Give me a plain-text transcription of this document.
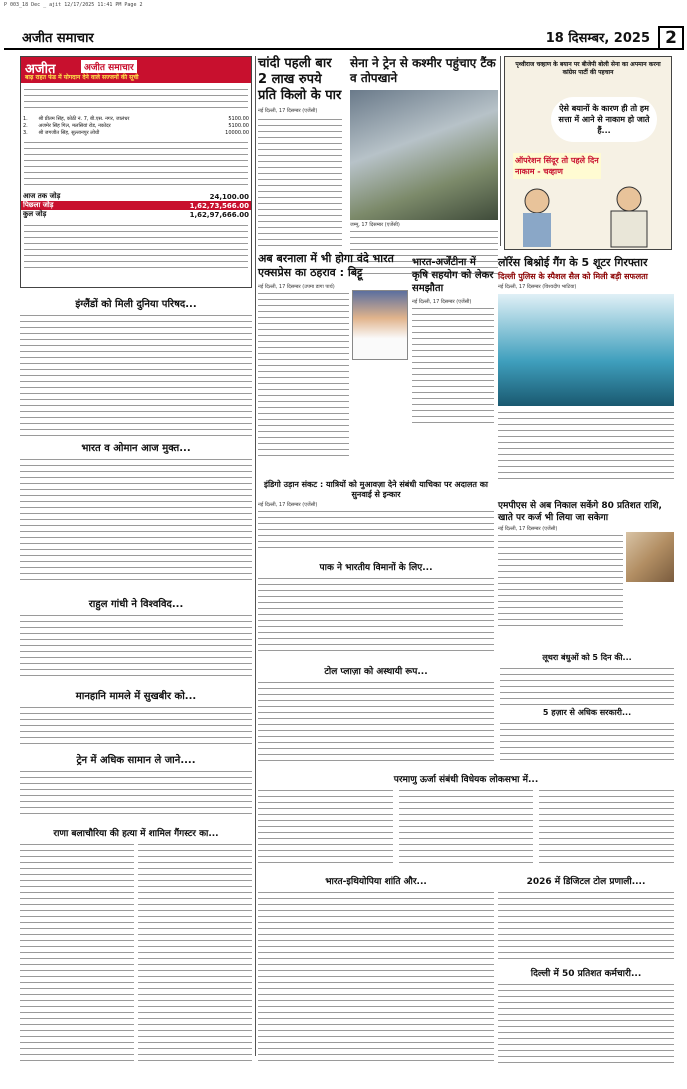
P 003_18 Dec _ ajit 12/17/2025 11:41 PM Page 2
अजीत समाचार	18 दिसम्बर, 2025 2
अजीत	अजीत समाचार
बाढ़ राहत फंड में योगदान देने वाले सज्जनों की सूची
1.	श्री प्रीतम सिंह, कोठी नं. 7, बी.एस. नगर, जालंधर	5100.00
2.	अजमेर सिंह गिल, मलसियां रोड, नकोदर	5100.00
3.	श्री जगजीत सिंह, सुल्तानपुर लोधी	10000.00
आज तक जोड़	24,100.00
पिछला जोड़	1,62,73,566.00
कुल जोड़	1,62,97,666.00
चांदी पहली बार 2 लाख रुपये प्रति किलो के पार
नई दिल्ली, 17 दिसम्बर (एजेंसी)
सेना ने ट्रेन से कश्मीर पहुंचाए टैंक व तोपखाने
जम्मू, 17 दिसम्बर (एजेंसी)
पृथ्वीराज चव्हाण के बयान पर बीजेपी बोली सेना का अपमान करना कांग्रेस पार्टी की पहचान
ऐसे बयानों के कारण ही तो हम सत्ता में आने से नाकाम हो जाते हैं...
ऑपरेशन सिंदूर तो पहले दिन नाकाम - चव्हाण
इंग्लैंडों को मिली दुनिया परिषद...
भारत व ओमान आज मुक्त...
राहुल गांधी ने विश्वविद...
मानहानि मामले में सुखबीर को...
ट्रेन में अधिक सामान ले जाने....
अब बरनाला में भी होगा वंदे भारत एक्सप्रेस का ठहराव : बिट्टू
नई दिल्ली, 17 दिसम्बर (उपमा डागा पार्थ)
भारत-अर्जेंटीना में कृषि सहयोग को लेकर समझौता
नई दिल्ली, 17 दिसम्बर (एजेंसी)
लॉरेंस बिश्नोई गैंग के 5 शूटर गिरफ्तार
दिल्ली पुलिस के स्पैशल सैल को मिली बड़ी सफलता
नई दिल्ली, 17 दिसम्बर (विश्वदीप भाटिया)
इंडिगो उड़ान संकट : यात्रियों को मुआवज़ा देने संबंधी याचिका पर अदालत का सुनवाई से इन्कार
नई दिल्ली, 17 दिसम्बर (एजेंसी)
पाक ने भारतीय विमानों के लिए...
टोल प्लाज़ा को अस्थायी रूप...
एमपीएस से अब निकाल सकेंगे 80 प्रतिशत राशि, खाते पर कर्ज भी लिया जा सकेगा
नई दिल्ली, 17 दिसम्बर (एजेंसी)
परमाणु ऊर्जा संबंधी विधेयक लोकसभा में...
राणा बलाचौरिया की हत्या में शामिल गैंगस्टर का...
भारत-इथियोपिया शांति और...	2026 में डिजिटल टोल प्रणाली....
दिल्ली में 50 प्रतिशत कर्मचारी...
लूथरा बंधुओं को 5 दिन की...
5 हज़ार से अधिक सरकारी...
